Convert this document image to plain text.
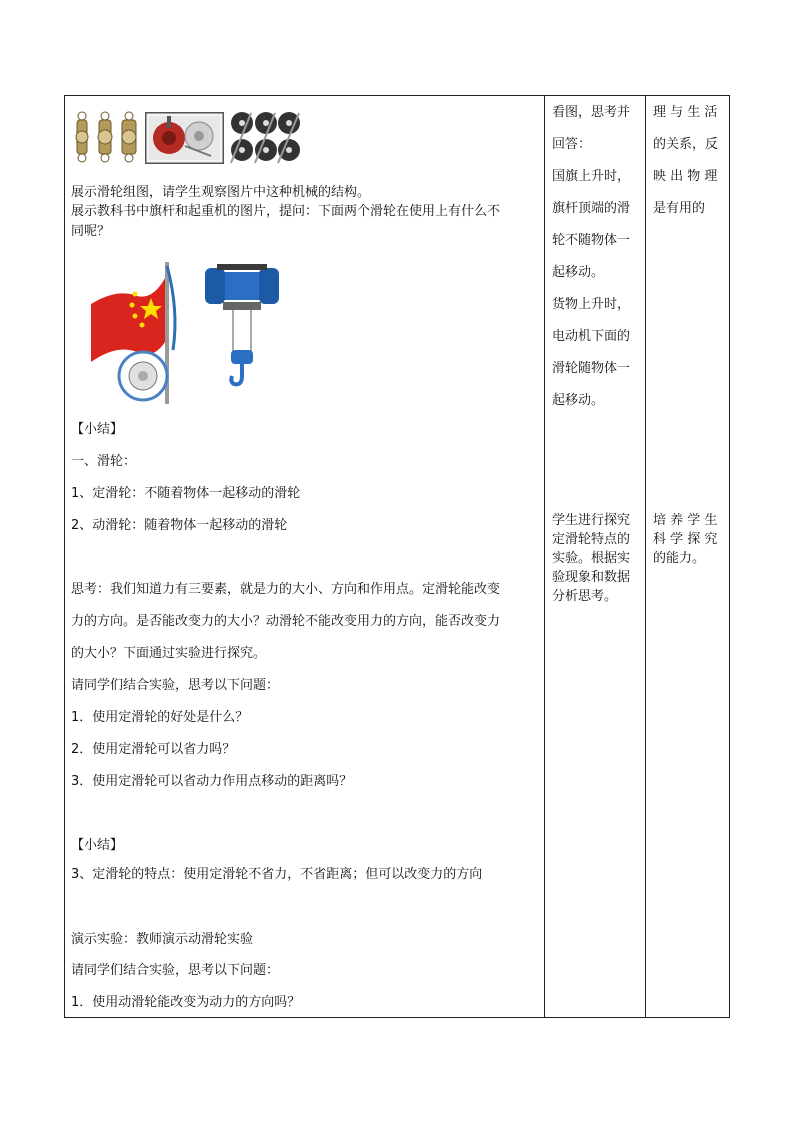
展示滑轮组图，请学生观察图片中这种机械的结构。
展示教科书中旗杆和起重机的图片，提问：下面两个滑轮在使用上有什么不
同呢？
【小结】
一、滑轮：
1、定滑轮：不随着物体一起移动的滑轮
2、动滑轮：随着物体一起移动的滑轮
思考：我们知道力有三要素，就是力的大小、方向和作用点。定滑轮能改变
力的方向。是否能改变力的大小？动滑轮不能改变用力的方向，能否改变力
的大小？下面通过实验进行探究。
请同学们结合实验，思考以下问题：
1．使用定滑轮的好处是什么？
2．使用定滑轮可以省力吗？
3．使用定滑轮可以省动力作用点移动的距离吗？
【小结】
3、定滑轮的特点：使用定滑轮不省力，不省距离；但可以改变力的方向
演示实验：教师演示动滑轮实验
请同学们结合实验，思考以下问题：
1．使用动滑轮能改变为动力的方向吗？
看图，思考并
回答：
国旗上升时，
旗杆顶端的滑
轮不随物体一
起移动。
货物上升时，
电动机下面的
滑轮随物体一
起移动。
学生进行探究
定滑轮特点的
实验。根据实
验现象和数据
分析思考。
理 与 生 活
的关系，反
映 出 物 理
是有用的
培 养 学 生
科 学 探 究
的能力。
